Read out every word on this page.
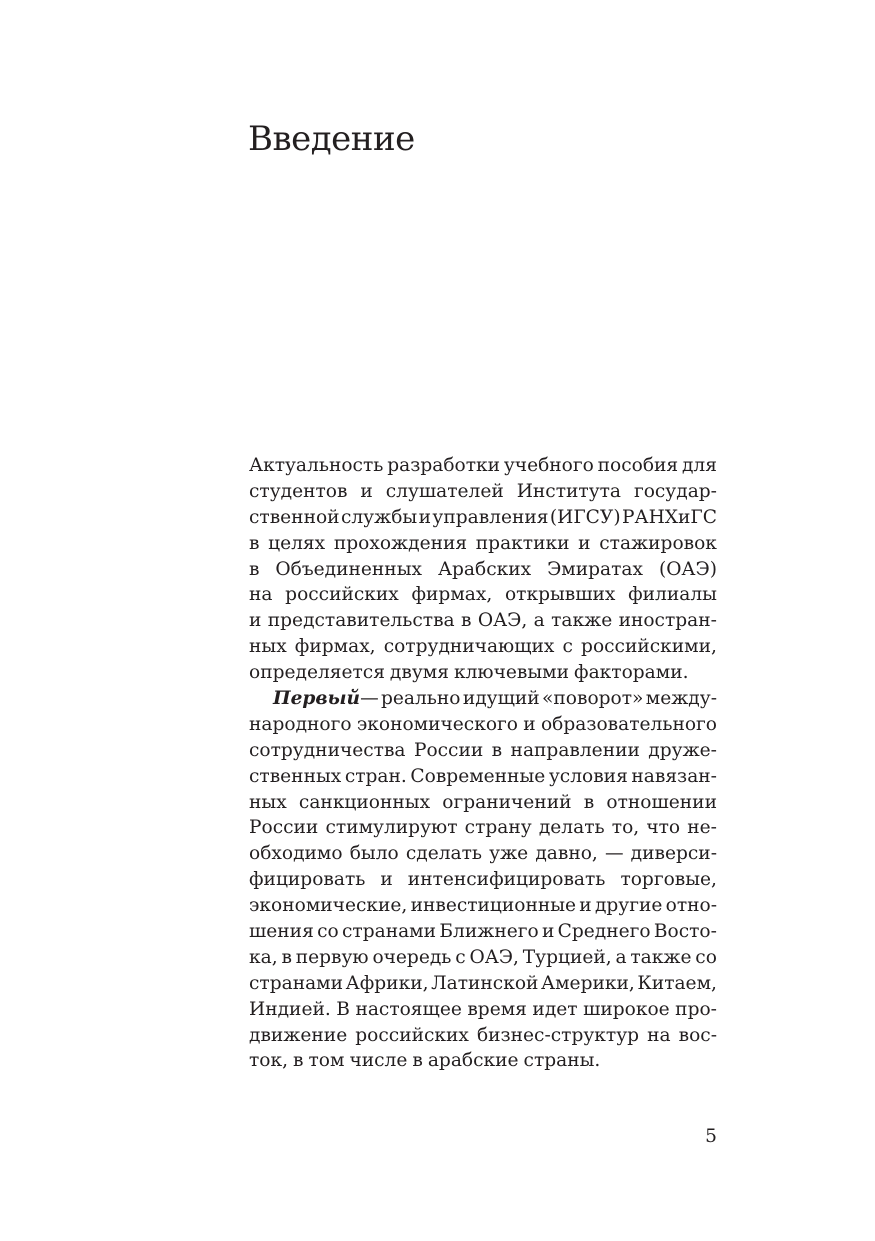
Введение
Актуальность разработки учебного пособия для
студентов и слушателей Института государ-
ственной службы и управления (ИГСУ) РАНХиГС
в целях прохождения практики и стажировок
в Объединенных Арабских Эмиратах (ОАЭ)
на российских фирмах, открывших филиалы
и представительства в ОАЭ, а также иностран-
ных фирмах, сотрудничающих с российскими,
определяется двумя ключевыми факторами.
Первый— реально идущий «поворот» между-
народного экономического и образовательного
сотрудничества России в направлении друже-
ственных стран. Современные условия навязан-
ных санкционных ограничений в отношении
России стимулируют страну делать то, что не-
обходимо было сделать уже давно, — диверси-
фицировать и интенсифицировать торговые,
экономические, инвестиционные и другие отно-
шения со странами Ближнего и Среднего Восто-
ка, в первую очередь с ОАЭ, Турцией, а также со
странами Африки, Латинской Америки, Китаем,
Индией. В настоящее время идет широкое про-
движение российских бизнес-структур на вос-
ток, в том числе в арабские страны.
5
